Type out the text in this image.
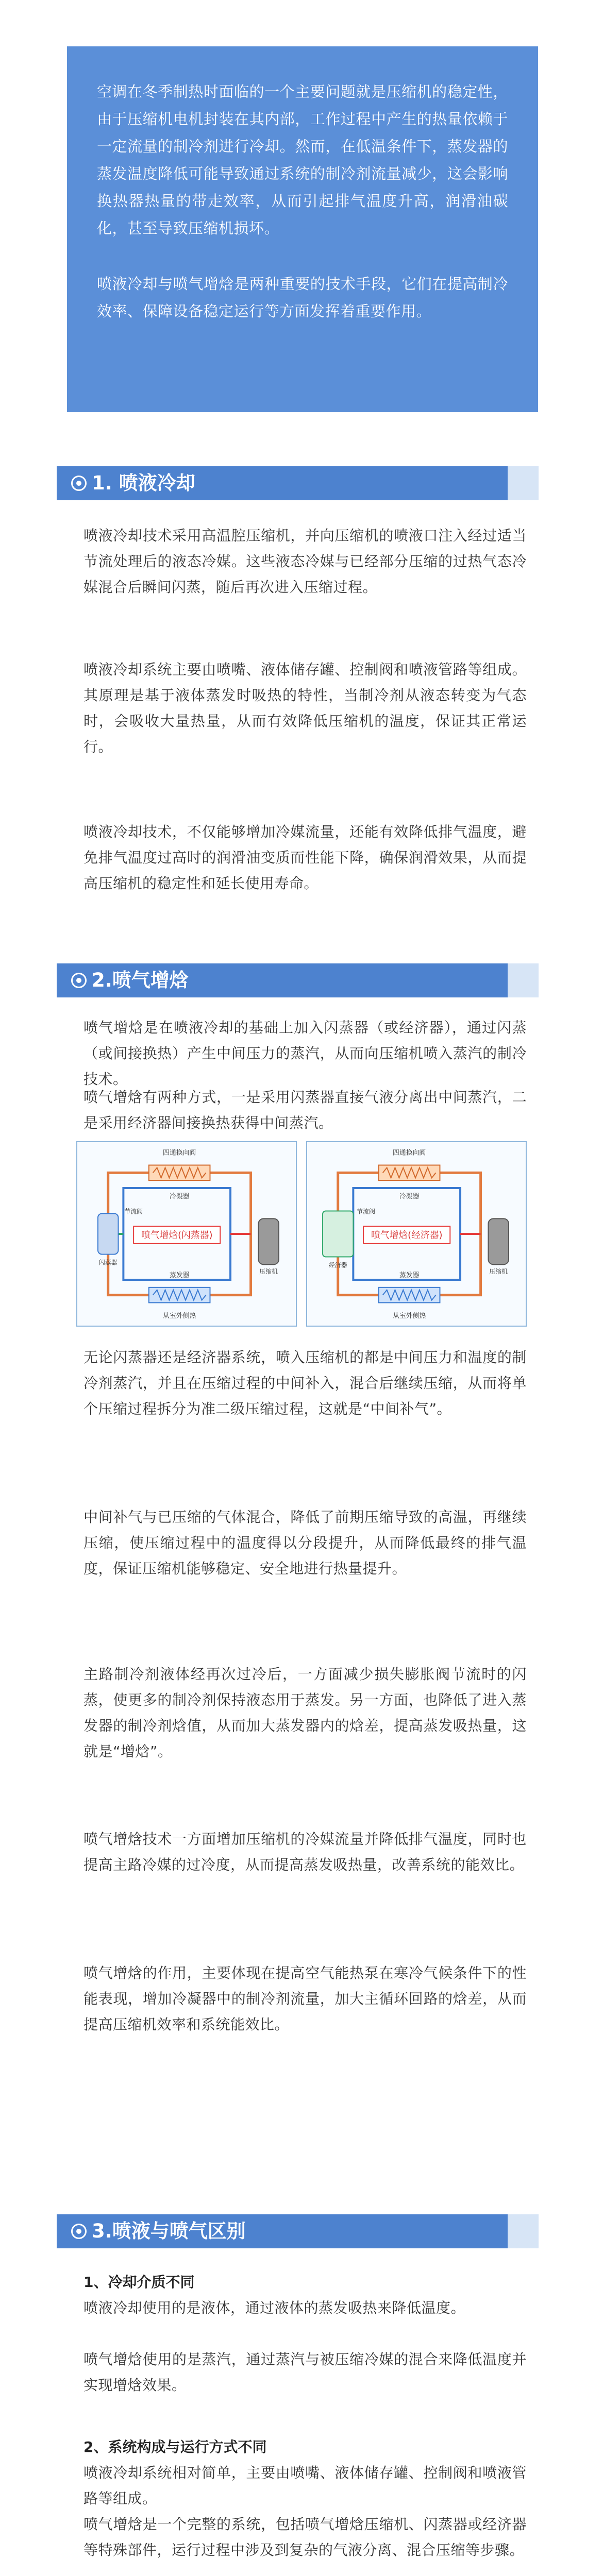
空调在冬季制热时面临的一个主要问题就是压缩机的稳定性，由于压缩机电机封装在其内部，工作过程中产生的热量依赖于一定流量的制冷剂进行冷却。然而，在低温条件下，蒸发器的蒸发温度降低可能导致通过系统的制冷剂流量减少，这会影响换热器热量的带走效率，从而引起排气温度升高，润滑油碳化，甚至导致压缩机损坏。

喷液冷却与喷气增焓是两种重要的技术手段，它们在提高制冷效率、保障设备稳定运行等方面发挥着重要作用。

1. 喷液冷却

喷液冷却技术采用高温腔压缩机，并向压缩机的喷液口注入经过适当节流处理后的液态冷媒。这些液态冷媒与已经部分压缩的过热气态冷媒混合后瞬间闪蒸，随后再次进入压缩过程。

喷液冷却系统主要由喷嘴、液体储存罐、控制阀和喷液管路等组成。其原理是基于液体蒸发时吸热的特性，当制冷剂从液态转变为气态时，会吸收大量热量，从而有效降低压缩机的温度，保证其正常运行。

喷液冷却技术，不仅能够增加冷媒流量，还能有效降低排气温度，避免排气温度过高时的润滑油变质而性能下降，确保润滑效果，从而提高压缩机的稳定性和延长使用寿命。

2.喷气增焓

喷气增焓是在喷液冷却的基础上加入闪蒸器（或经济器），通过闪蒸（或间接换热）产生中间压力的蒸汽，从而向压缩机喷入蒸汽的制冷技术。

喷气增焓有两种方式，一是采用闪蒸器直接气液分离出中间蒸汽，二是采用经济器间接换热获得中间蒸汽。

喷气增焓(闪蒸器)
四通换向阀
从室外侧热
冷凝器
蒸发器
闪蒸器
压缩机
节流阀
喷气增焓(经济器)
四通换向阀
从室外侧热
冷凝器
蒸发器
经济器
压缩机
节流阀

无论闪蒸器还是经济器系统，喷入压缩机的都是中间压力和温度的制冷剂蒸汽，并且在压缩过程的中间补入，混合后继续压缩，从而将单个压缩过程拆分为准二级压缩过程，这就是“中间补气”。

中间补气与已压缩的气体混合，降低了前期压缩导致的高温，再继续压缩，使压缩过程中的温度得以分段提升，从而降低最终的排气温度，保证压缩机能够稳定、安全地进行热量提升。

主路制冷剂液体经再次过冷后，一方面减少损失膨胀阀节流时的闪蒸，使更多的制冷剂保持液态用于蒸发。另一方面，也降低了进入蒸发器的制冷剂焓值，从而加大蒸发器内的焓差，提高蒸发吸热量，这就是“增焓”。

喷气增焓技术一方面增加压缩机的冷媒流量并降低排气温度，同时也提高主路冷媒的过冷度，从而提高蒸发吸热量，改善系统的能效比。

喷气增焓的作用，主要体现在提高空气能热泵在寒冷气候条件下的性能表现，增加冷凝器中的制冷剂流量，加大主循环回路的焓差，从而提高压缩机效率和系统能效比。

3.喷液与喷气区别

1、冷却介质不同

喷液冷却使用的是液体，通过液体的蒸发吸热来降低温度。

喷气增焓使用的是蒸汽，通过蒸汽与被压缩冷媒的混合来降低温度并实现增焓效果。

2、系统构成与运行方式不同

喷液冷却系统相对简单，主要由喷嘴、液体储存罐、控制阀和喷液管路等组成。

喷气增焓是一个完整的系统，包括喷气增焓压缩机、闪蒸器或经济器等特殊部件，运行过程中涉及到复杂的气液分离、混合压缩等步骤。
